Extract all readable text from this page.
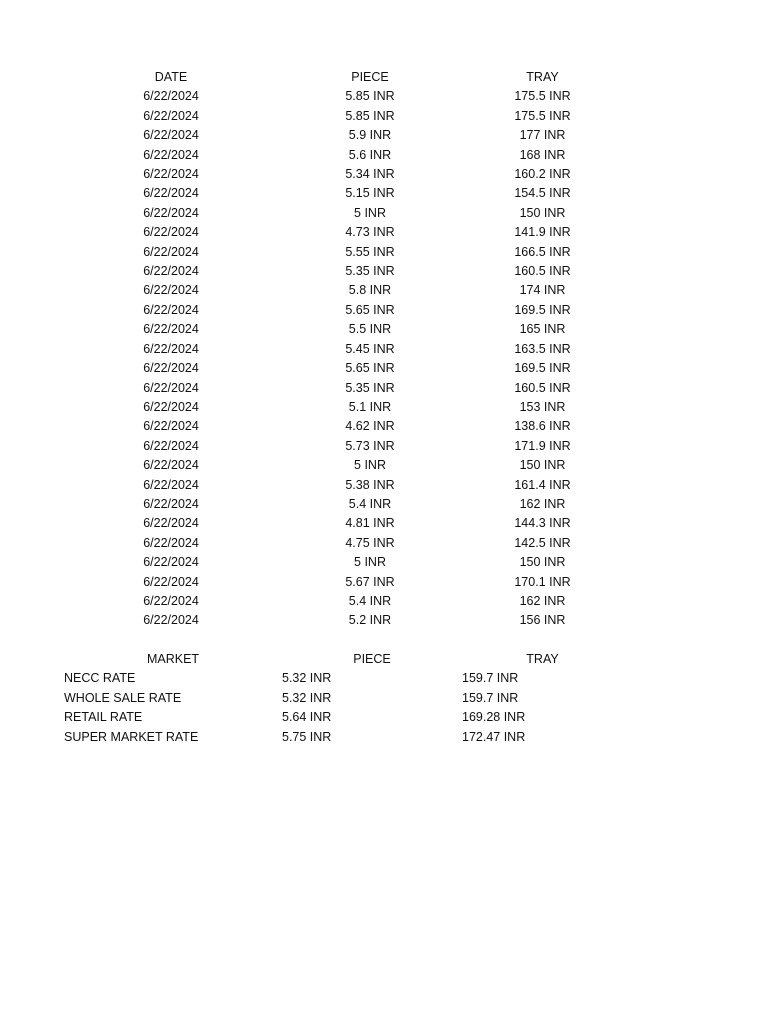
DATE	PIECE	TRAY
6/22/2024	5.85 INR	175.5 INR
6/22/2024	5.85 INR	175.5 INR
6/22/2024	5.9 INR	177 INR
6/22/2024	5.6 INR	168 INR
6/22/2024	5.34 INR	160.2 INR
6/22/2024	5.15 INR	154.5 INR
6/22/2024	5 INR	150 INR
6/22/2024	4.73 INR	141.9 INR
6/22/2024	5.55 INR	166.5 INR
6/22/2024	5.35 INR	160.5 INR
6/22/2024	5.8 INR	174 INR
6/22/2024	5.65 INR	169.5 INR
6/22/2024	5.5 INR	165 INR
6/22/2024	5.45 INR	163.5 INR
6/22/2024	5.65 INR	169.5 INR
6/22/2024	5.35 INR	160.5 INR
6/22/2024	5.1 INR	153 INR
6/22/2024	4.62 INR	138.6 INR
6/22/2024	5.73 INR	171.9 INR
6/22/2024	5 INR	150 INR
6/22/2024	5.38 INR	161.4 INR
6/22/2024	5.4 INR	162 INR
6/22/2024	4.81 INR	144.3 INR
6/22/2024	4.75 INR	142.5 INR
6/22/2024	5 INR	150 INR
6/22/2024	5.67 INR	170.1 INR
6/22/2024	5.4 INR	162 INR
6/22/2024	5.2 INR	156 INR
MARKET	PIECE	TRAY
NECC RATE	5.32 INR	159.7 INR
WHOLE SALE RATE	5.32 INR	159.7 INR
RETAIL RATE	5.64 INR	169.28 INR
SUPER MARKET RATE	5.75 INR	172.47 INR
